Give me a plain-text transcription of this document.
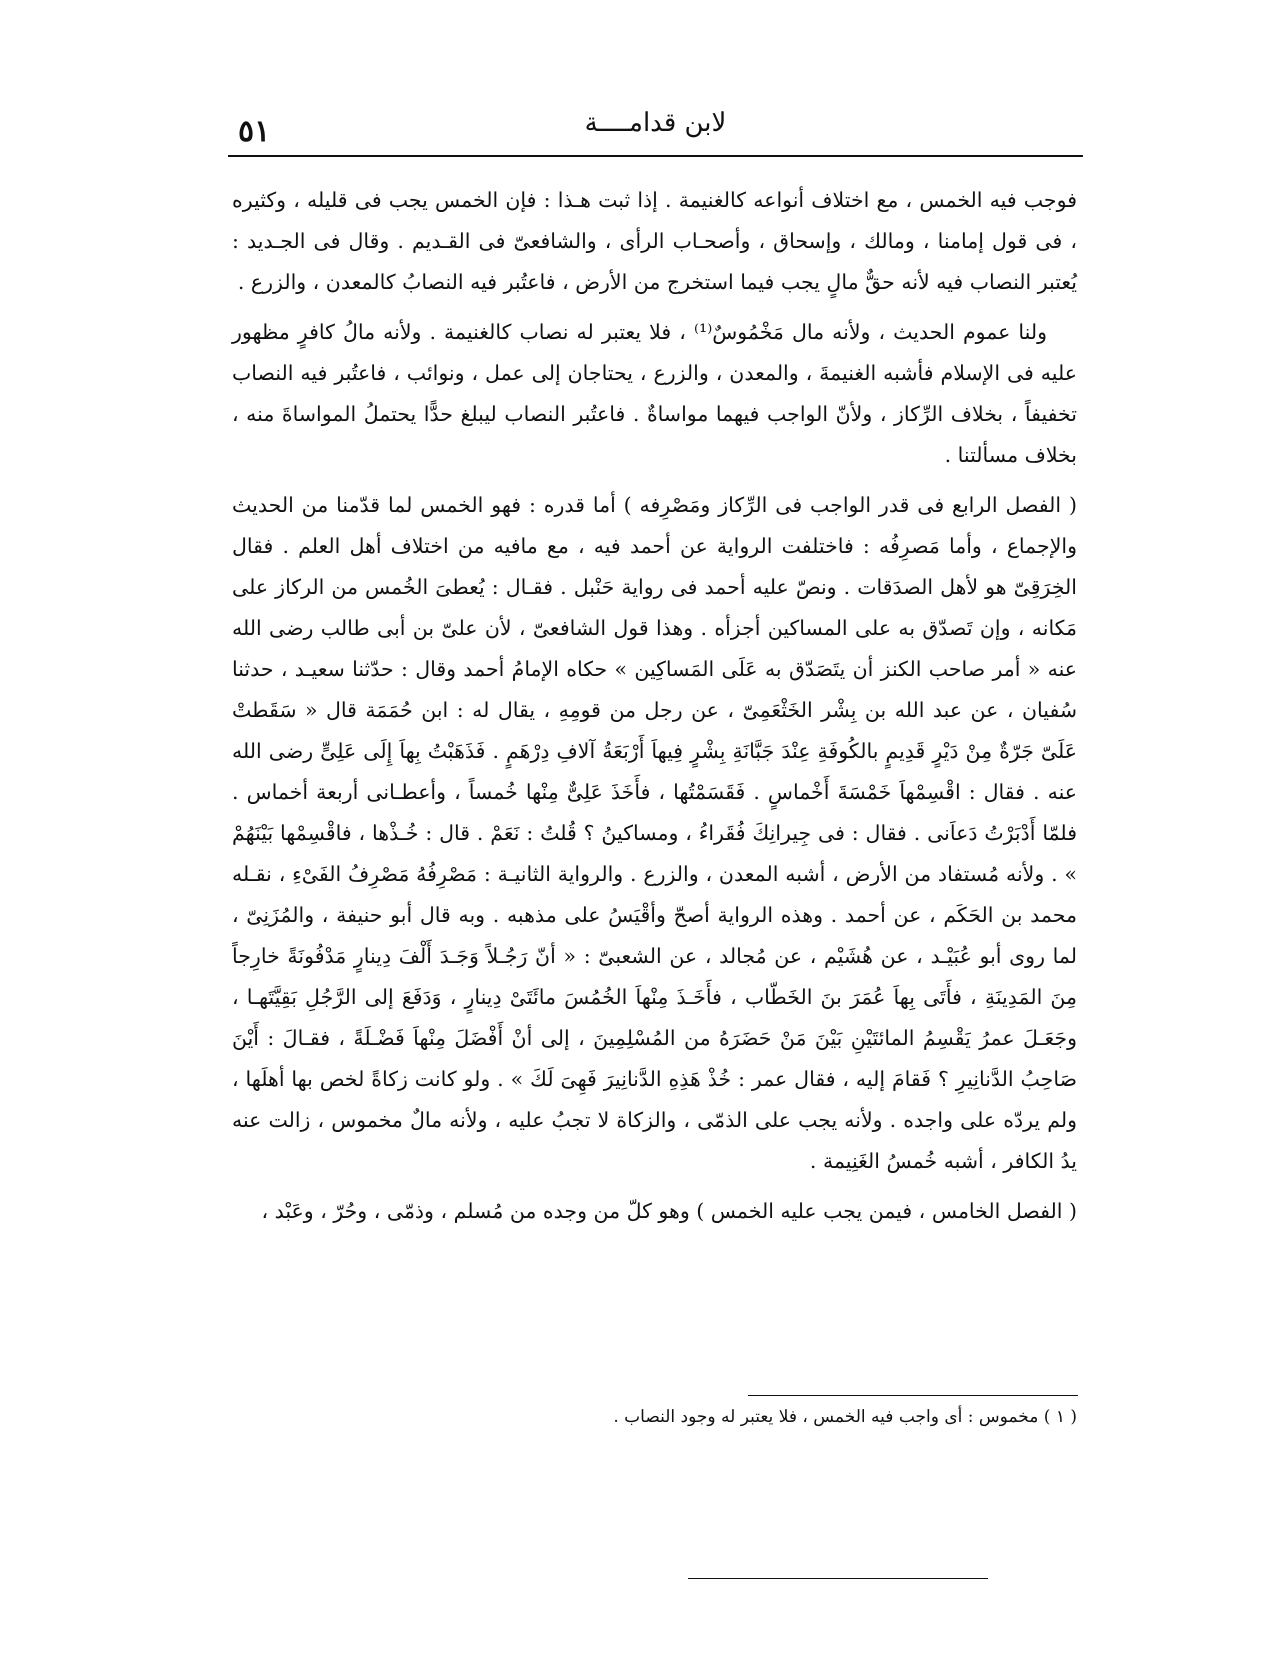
٥١	لابن قدامــــة

فوجب فيه الخمس ، مع اختلاف أنواعه كالغنيمة . إذا ثبت هـذا : فإن الخمس يجب فى قليله ، وكثيره ، فى قول إمامنا ، ومالك ، وإسحاق ، وأصحـاب الرأى ، والشافعىّ فى القـديم . وقال فى الجـديد : يُعتبر النصاب فيه لأنه حقٌّ مالٍ يجب فيما استخرج من الأرض ، فاعتُبر فيه النصابُ كالمعدن ، والزرع .

ولنا عموم الحديث ، ولأنه مال مَخْمُوسٌ⁽¹⁾ ، فلا يعتبر له نصاب كالغنيمة . ولأنه مالُ كافرٍ مظهور عليه فى الإسلام فأشبه الغنيمةَ ، والمعدن ، والزرع ، يحتاجان إلى عمل ، ونوائب ، فاعتُبر فيه النصاب تخفيفاً ، بخلاف الرِّكاز ، ولأنّ الواجب فيهما مواساةٌ . فاعتُبر النصاب ليبلغ حدًّا يحتملُ المواساةَ منه ، بخلاف مسألتنا .

( الفصل الرابع فى قدر الواجب فى الرِّكاز ومَصْرِفه ) أما قدره : فهو الخمس لما قدّمنا من الحديث والإجماع ، وأما مَصرِفُه : فاختلفت الرواية عن أحمد فيه ، مع مافيه من اختلاف أهل العلم . فقال الخِرَقِىّ هو لأهل الصدَقات . ونصّ عليه أحمد فى رواية حَنْبل . فقـال : يُعطىَ الخُمس من الركاز على مَكانه ، وإن تَصدّق به على المساكين أجزأه . وهذا قول الشافعىّ ، لأن علىّ بن أبى طالب رضى الله عنه « أمر صاحب الكنز أن يتَصَدّق به عَلَى المَساكِين » حكاه الإمامُ أحمد وقال : حدّثنا سعيـد ، حدثنا سُفيان ، عن عبد الله بن بِشْر الخَثْعَمِىّ ، عن رجل من قومِهِ ، يقال له : ابن حُمَمَة قال « سَقَطتْ عَلَىّ جَرّةٌ مِنْ دَيْرٍ قَدِيمٍ بالكُوفَةِ عِنْدَ جَبَّانَةِ بِشْرٍ فِيهاَ أَرْبَعَةُ آلافِ دِرْهَمٍ . فَذَهَبْتُ بِهاَ إِلَى عَلِىٍّ رضى الله عنه . فقال : اقْسِمْهاَ خَمْسَةَ أَخْماسٍ . فَقَسَمْتُها ، فأَخَذَ عَلِىٌّ مِنْها خُمساً ، وأعطـانى أربعة أخماس . فلمّا أَدْبَرْتُ دَعاَنى . فقال : فى جِيرانِكَ فُقَراءُ ، ومساكينُ ؟ قُلتُ : نَعَمْ . قال : خُـذْها ، فاقْسِمْها بَيْنَهُمْ » . ولأنه مُستفاد من الأرض ، أشبه المعدن ، والزرع . والرواية الثانيـة : مَصْرِفُهُ مَصْرِفُ الفَىْءِ ، نقـله محمد بن الحَكَم ، عن أحمد . وهذه الرواية أصحّ وأقْيَسُ على مذهبه . وبه قال أبو حنيفة ، والمُزَنِىّ ، لما روى أبو عُبَيْـد ، عن هُشَيْم ، عن مُجالد ، عن الشعبىّ : « أنّ رَجُـلاً وَجَـدَ أَلْفَ دِينارٍ مَدْفُونَةً خارِجاً مِنَ المَدِينَةِ ، فأَتَى بِهاَ عُمَرَ بنَ الخَطّاب ، فأَخَـذَ مِنْهاَ الخُمُسَ مائَتَىْ دِينارٍ ، وَدَفَعَ إلى الرَّجُلِ بَقِيَّتَهـا ، وجَعَـلَ عمرُ يَقْسِمُ المائتَيْنِ بَيْنَ مَنْ حَضَرَهُ من المُسْلِمِينَ ، إلى أنْ أَفْضَلَ مِنْهاَ فَضْـلَةً ، فقـالَ : أَيْنَ صَاحِبُ الدَّنانِيرِ ؟ فَقامَ إليه ، فقال عمر : خُذْ هَذِهِ الدَّنانِيرَ فَهِىَ لَكَ » . ولو كانت زكاةً لخص بها أهلَها ، ولم يردّه على واجده . ولأنه يجب على الذمّى ، والزكاة لا تجبُ عليه ، ولأنه مالٌ مخموس ، زالت عنه يدُ الكافر ، أشبه خُمسُ الغَنِيمة .

( الفصل الخامس ، فيمن يجب عليه الخمس ) وهو كلّ من وجده من مُسلم ، وذمّى ، وحُرّ ، وعَبْد ،

( ١ ) مخموس : أى واجب فيه الخمس ، فلا يعتبر له وجود النصاب .
